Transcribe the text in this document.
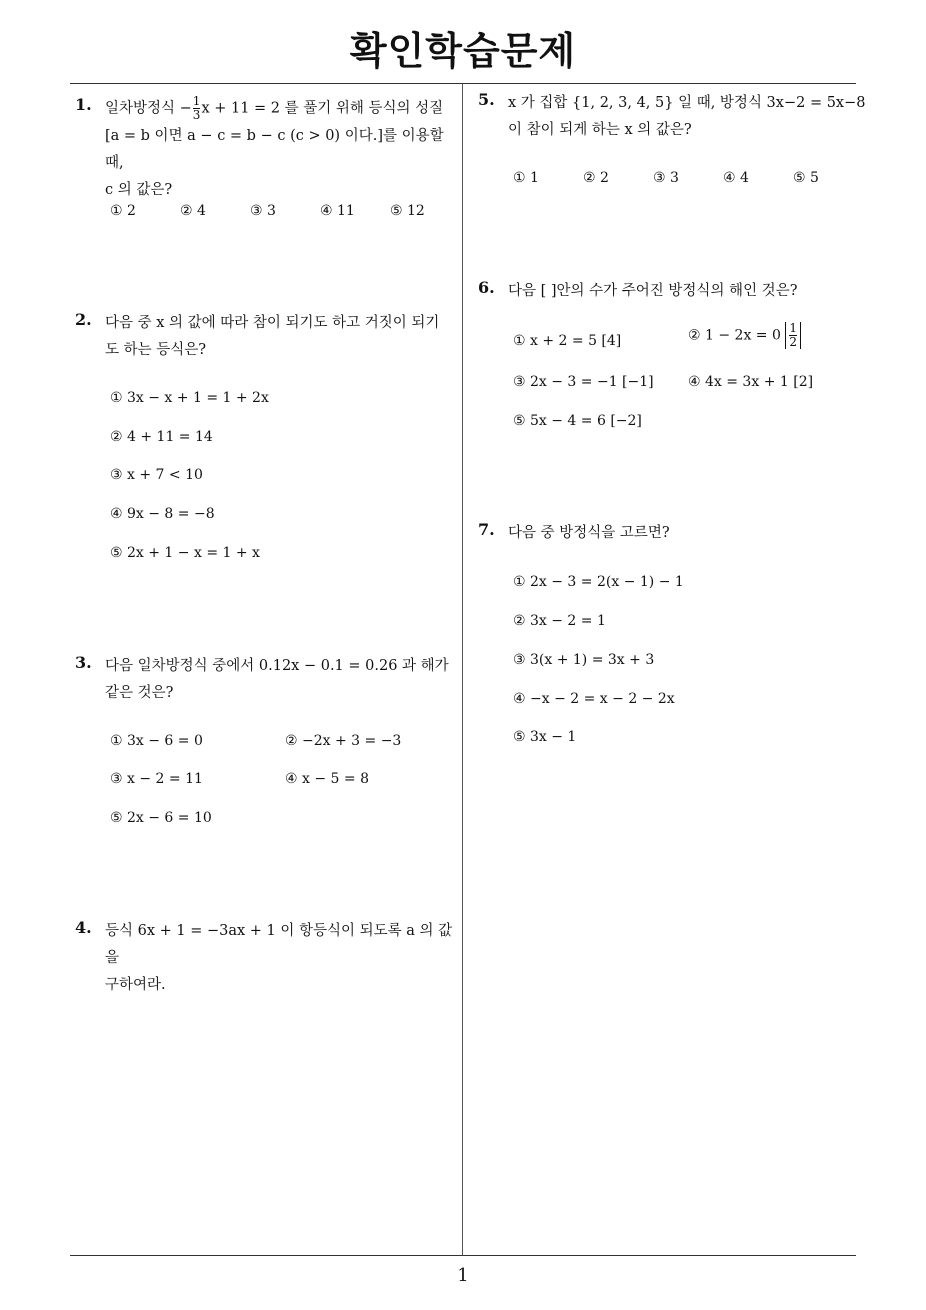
확인학습문제
1
1. 일차방정식 − $\frac{1}{3}$ x + 11 = 2 를 풀기 위해 등식의 성질
[a = b 이면 a − c = b − c (c > 0) 이다.]를 이용할 때,
c 의 값은?
① 2	② 4	③ 3	④ 11	⑤ 12
2. 다음 중 x 의 값에 따라 참이 되기도 하고 거짓이 되기
도 하는 등식은?
① 3x − x + 1 = 1 + 2x
② 4 + 11 = 14
③ x + 7 < 10
④ 9x − 8 = −8
⑤ 2x + 1 − x = 1 + x
3. 다음 일차방정식 중에서 0.12x − 0.1 = 0.26 과 해가
같은 것은?
① 3x − 6 = 0	② −2x + 3 = −3
③ x − 2 = 11	④ x − 5 = 8
⑤ 2x − 6 = 10
4. 등식 6x + 1 = −3ax + 1 이 항등식이 되도록 a 의 값을
구하여라.
5. x 가 집합 {1, 2, 3, 4, 5} 일 때, 방정식 3x−2 = 5x−8
이 참이 되게 하는 x 의 값은?
① 1	② 2	③ 3	④ 4	⑤ 5
6. 다음 [ ]안의 수가 주어진 방정식의 해인 것은?
① x + 2 = 5 [4]	② $1 - 2x = 0 \frac{1}{2}$
③ 2x − 3 = −1 [−1] ④ 4x = 3x + 1 [2]
⑤ 5x − 4 = 6 [−2]
7. 다음 중 방정식을 고르면?
① 2x − 3 = 2(x − 1) − 1
② 3x − 2 = 1
③ 3(x + 1) = 3x + 3
④ −x − 2 = x − 2 − 2x
⑤ 3x − 1
